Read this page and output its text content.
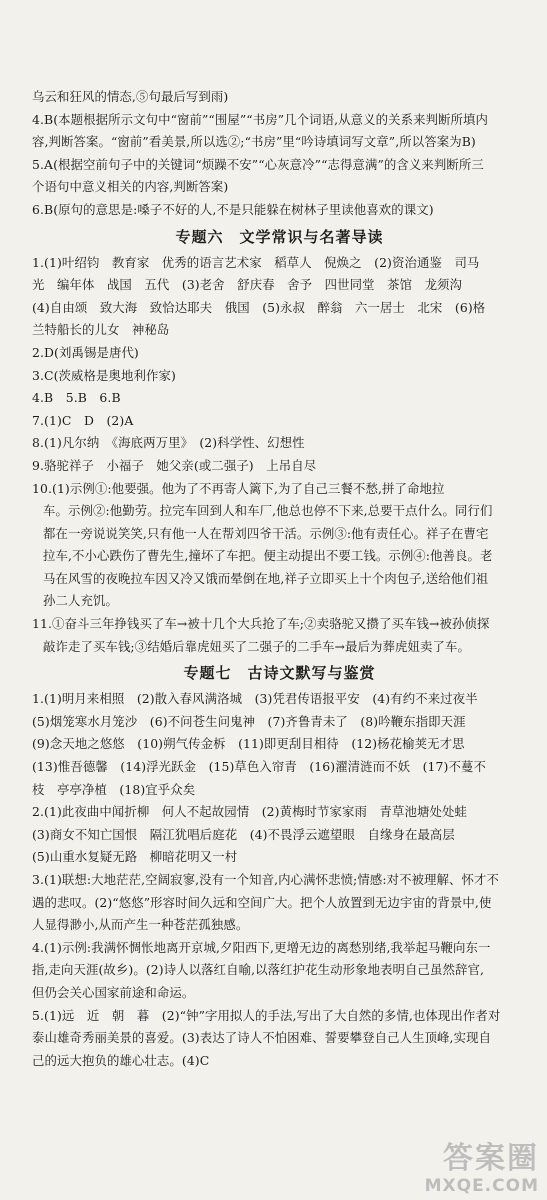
乌云和狂风的情态,⑤句最后写到雨)
4.B(本题根据所示文句中“窗前”“围屋”“书房”几个词语,从意义的关系来判断所填内
容,判断答案。“窗前”看美景,所以选②;“书房”里“吟诗填词写文章”,所以答案为B)
5.A(根据空前句子中的关键词“烦躁不安”“心灰意冷”“志得意满”的含义来判断所三
个语句中意义相关的内容,判断答案)
6.B(原句的意思是:嗓子不好的人,不是只能躲在树林子里读他喜欢的课文)
专题六　文学常识与名著导读
1.(1)叶绍钧　教育家　优秀的语言艺术家　稻草人　倪焕之　(2)资治通鉴　司马
光　编年体　战国　五代　(3)老舍　舒庆春　舍予　四世同堂　茶馆　龙须沟
(4)自由颂　致大海　致恰达耶夫　俄国　(5)永叔　醉翁　六一居士　北宋　(6)格
兰特船长的儿女　神秘岛
2.D(刘禹锡是唐代)
3.C(茨威格是奥地利作家)
4.B　5.B　6.B
7.(1)C　D　(2)A
8.(1)凡尔纳　《海底两万里》　(2)科学性、幻想性
9.骆驼祥子　小福子　她父亲(或二强子)　上吊自尽
10.(1)示例①:他要强。他为了不再寄人篱下,为了自己三餐不愁,拼了命地拉
车。示例②:他勤劳。拉完车回到人和车厂,他总也停不下来,总要干点什么。同行们
都在一旁说说笑笑,只有他一人在帮刘四爷干活。示例③:他有责任心。祥子在曹宅
拉车,不小心跌伤了曹先生,撞坏了车把。便主动提出不要工钱。示例④:他善良。老
马在风雪的夜晚拉车因又冷又饿而晕倒在地,祥子立即买上十个肉包子,送给他们祖
孙二人充饥。
11.①奋斗三年挣钱买了车→被十几个大兵抢了车;②卖骆驼又攒了买车钱→被孙侦探
敲诈走了买车钱;③结婚后靠虎妞买了二强子的二手车→最后为葬虎妞卖了车。
专题七　古诗文默写与鉴赏
1.(1)明月来相照　(2)散入春风满洛城　(3)凭君传语报平安　(4)有约不来过夜半
(5)烟笼寒水月笼沙　(6)不问苍生问鬼神　(7)齐鲁青未了　(8)吟鞭东指即天涯
(9)念天地之悠悠　(10)朔气传金柝　(11)即更刮目相待　(12)杨花榆荚无才思
(13)惟吾德馨　(14)浮光跃金　(15)草色入帘青　(16)濯清涟而不妖　(17)不蔓不
枝　亭亭净植　(18)宜乎众矣
2.(1)此夜曲中闻折柳　何人不起故园情　(2)黄梅时节家家雨　青草池塘处处蛙
(3)商女不知亡国恨　隔江犹唱后庭花　(4)不畏浮云遮望眼　自缘身在最高层
(5)山重水复疑无路　柳暗花明又一村
3.(1)联想:大地茫茫,空阔寂寥,没有一个知音,内心满怀悲愤;情感:对不被理解、怀才不
遇的悲叹。(2)“悠悠”形容时间久远和空间广大。把个人放置到无边宇宙的背景中,使
人显得渺小,从而产生一种苍茫孤独感。
4.(1)示例:我满怀惆怅地离开京城,夕阳西下,更增无边的离愁别绪,我举起马鞭向东一
指,走向天涯(故乡)。(2)诗人以落红自喻,以落红护花生动形象地表明自己虽然辞官,
但仍会关心国家前途和命运。
5.(1)远　近　朝　暮　(2)“钟”字用拟人的手法,写出了大自然的多情,也体现出作者对
泰山雄奇秀丽美景的喜爱。(3)表达了诗人不怕困难、誓要攀登自己人生顶峰,实现自
己的远大抱负的雄心壮志。(4)C
答案圈
MXQE.COM
